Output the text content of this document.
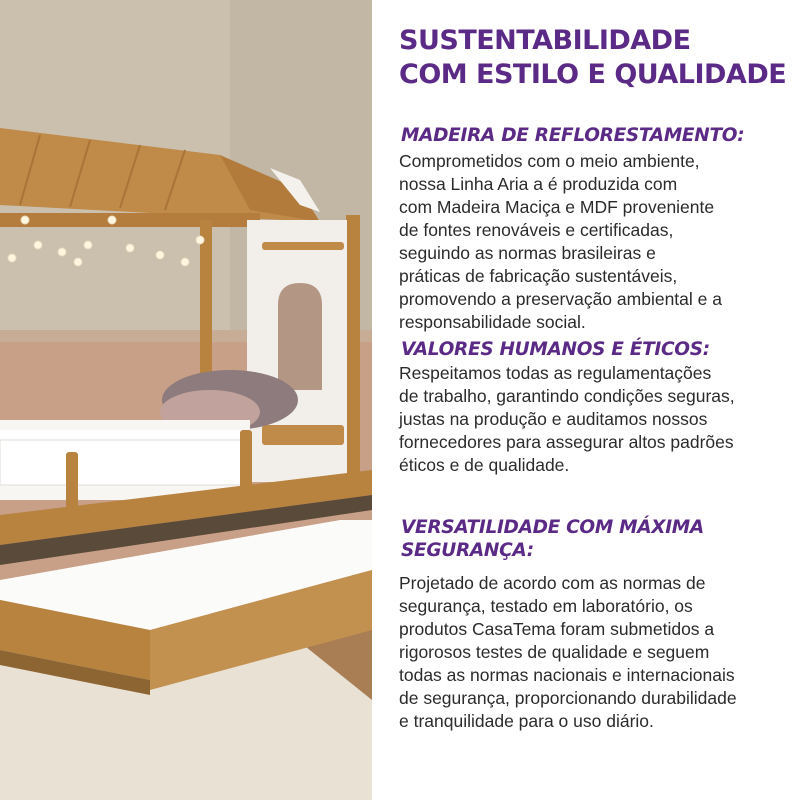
SUSTENTABILIDADE
COM ESTILO E QUALIDADE
MADEIRA DE REFLORESTAMENTO:

Comprometidos com o meio ambiente,
nossa Linha Aria a é produzida com
com Madeira Maciça e MDF proveniente
de fontes renováveis e certificadas,
seguindo as normas brasileiras e
práticas de fabricação sustentáveis,
promovendo a preservação ambiental e a
responsabilidade social.

VALORES HUMANOS E ÉTICOS:

Respeitamos todas as regulamentações
de trabalho, garantindo condições seguras,
justas na produção e auditamos nossos
fornecedores para assegurar altos padrões
éticos e de qualidade.

VERSATILIDADE COM MÁXIMA
SEGURANÇA:

Projetado de acordo com as normas de
segurança, testado em laboratório, os
produtos CasaTema foram submetidos a
rigorosos testes de qualidade e seguem
todas as normas nacionais e internacionais
de segurança, proporcionando durabilidade
e tranquilidade para o uso diário.
